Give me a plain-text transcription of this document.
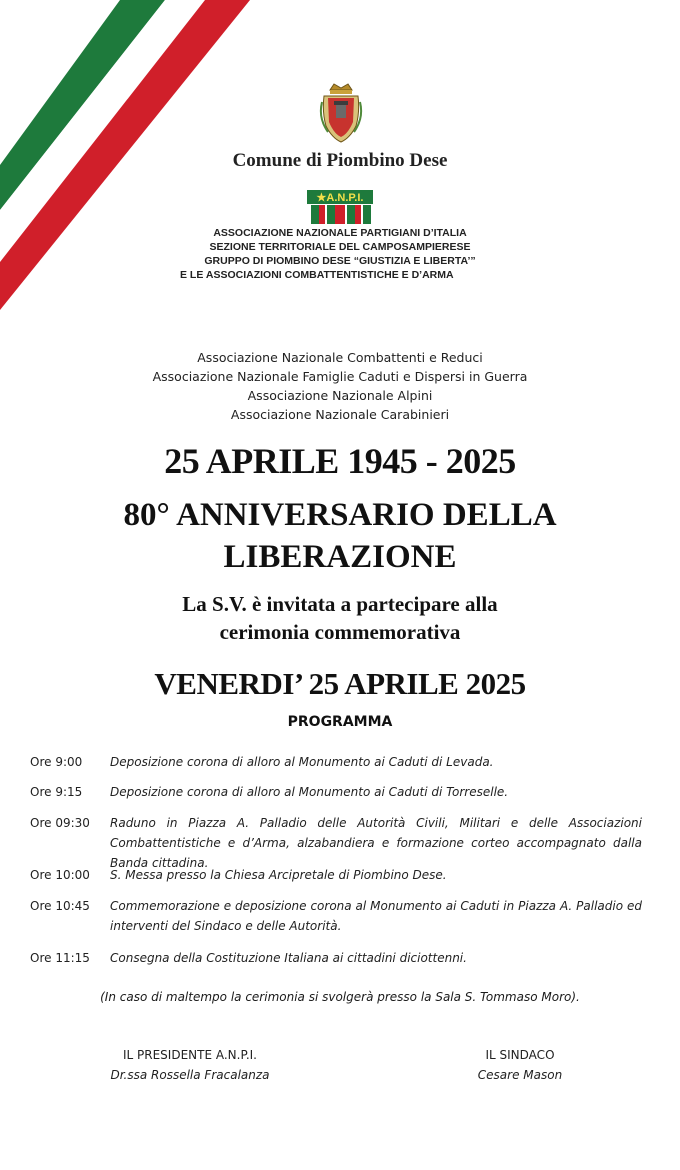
Comune di Piombino Dese
★A.N.P.I.
ASSOCIAZIONE NAZIONALE PARTIGIANI D’ITALIA
SEZIONE TERRITORIALE DEL CAMPOSAMPIERESE
GRUPPO DI PIOMBINO DESE “GIUSTIZIA E LIBERTA’”
E LE ASSOCIAZIONI COMBATTENTISTICHE E D’ARMA
Associazione Nazionale Combattenti e Reduci
Associazione Nazionale Famiglie Caduti e Dispersi in Guerra
Associazione Nazionale Alpini
Associazione Nazionale Carabinieri
25 APRILE 1945 - 2025
80° ANNIVERSARIO DELLA
LIBERAZIONE
La S.V. è invitata a partecipare alla
cerimonia commemorativa
VENERDI’ 25 APRILE 2025
PROGRAMMA
Ore 9:00	Deposizione corona di alloro al Monumento ai Caduti di Levada.
Ore 9:15	Deposizione corona di alloro al Monumento ai Caduti di Torreselle.
Ore 09:30	Raduno in Piazza A. Palladio delle Autorità Civili, Militari e delle Associazioni Combattentistiche e d’Arma, alzabandiera e formazione corteo accompagnato dalla Banda cittadina.
Ore 10:00	S. Messa presso la Chiesa Arcipretale di Piombino Dese.
Ore 10:45	Commemorazione e deposizione corona al Monumento ai Caduti in Piazza A. Palladio ed interventi del Sindaco e delle Autorità.
Ore 11:15	Consegna della Costituzione Italiana ai cittadini diciottenni.
(In caso di maltempo la cerimonia si svolgerà presso la Sala S. Tommaso Moro).
IL PRESIDENTE A.N.P.I.
Dr.ssa Rossella Fracalanza
IL SINDACO
Cesare Mason
